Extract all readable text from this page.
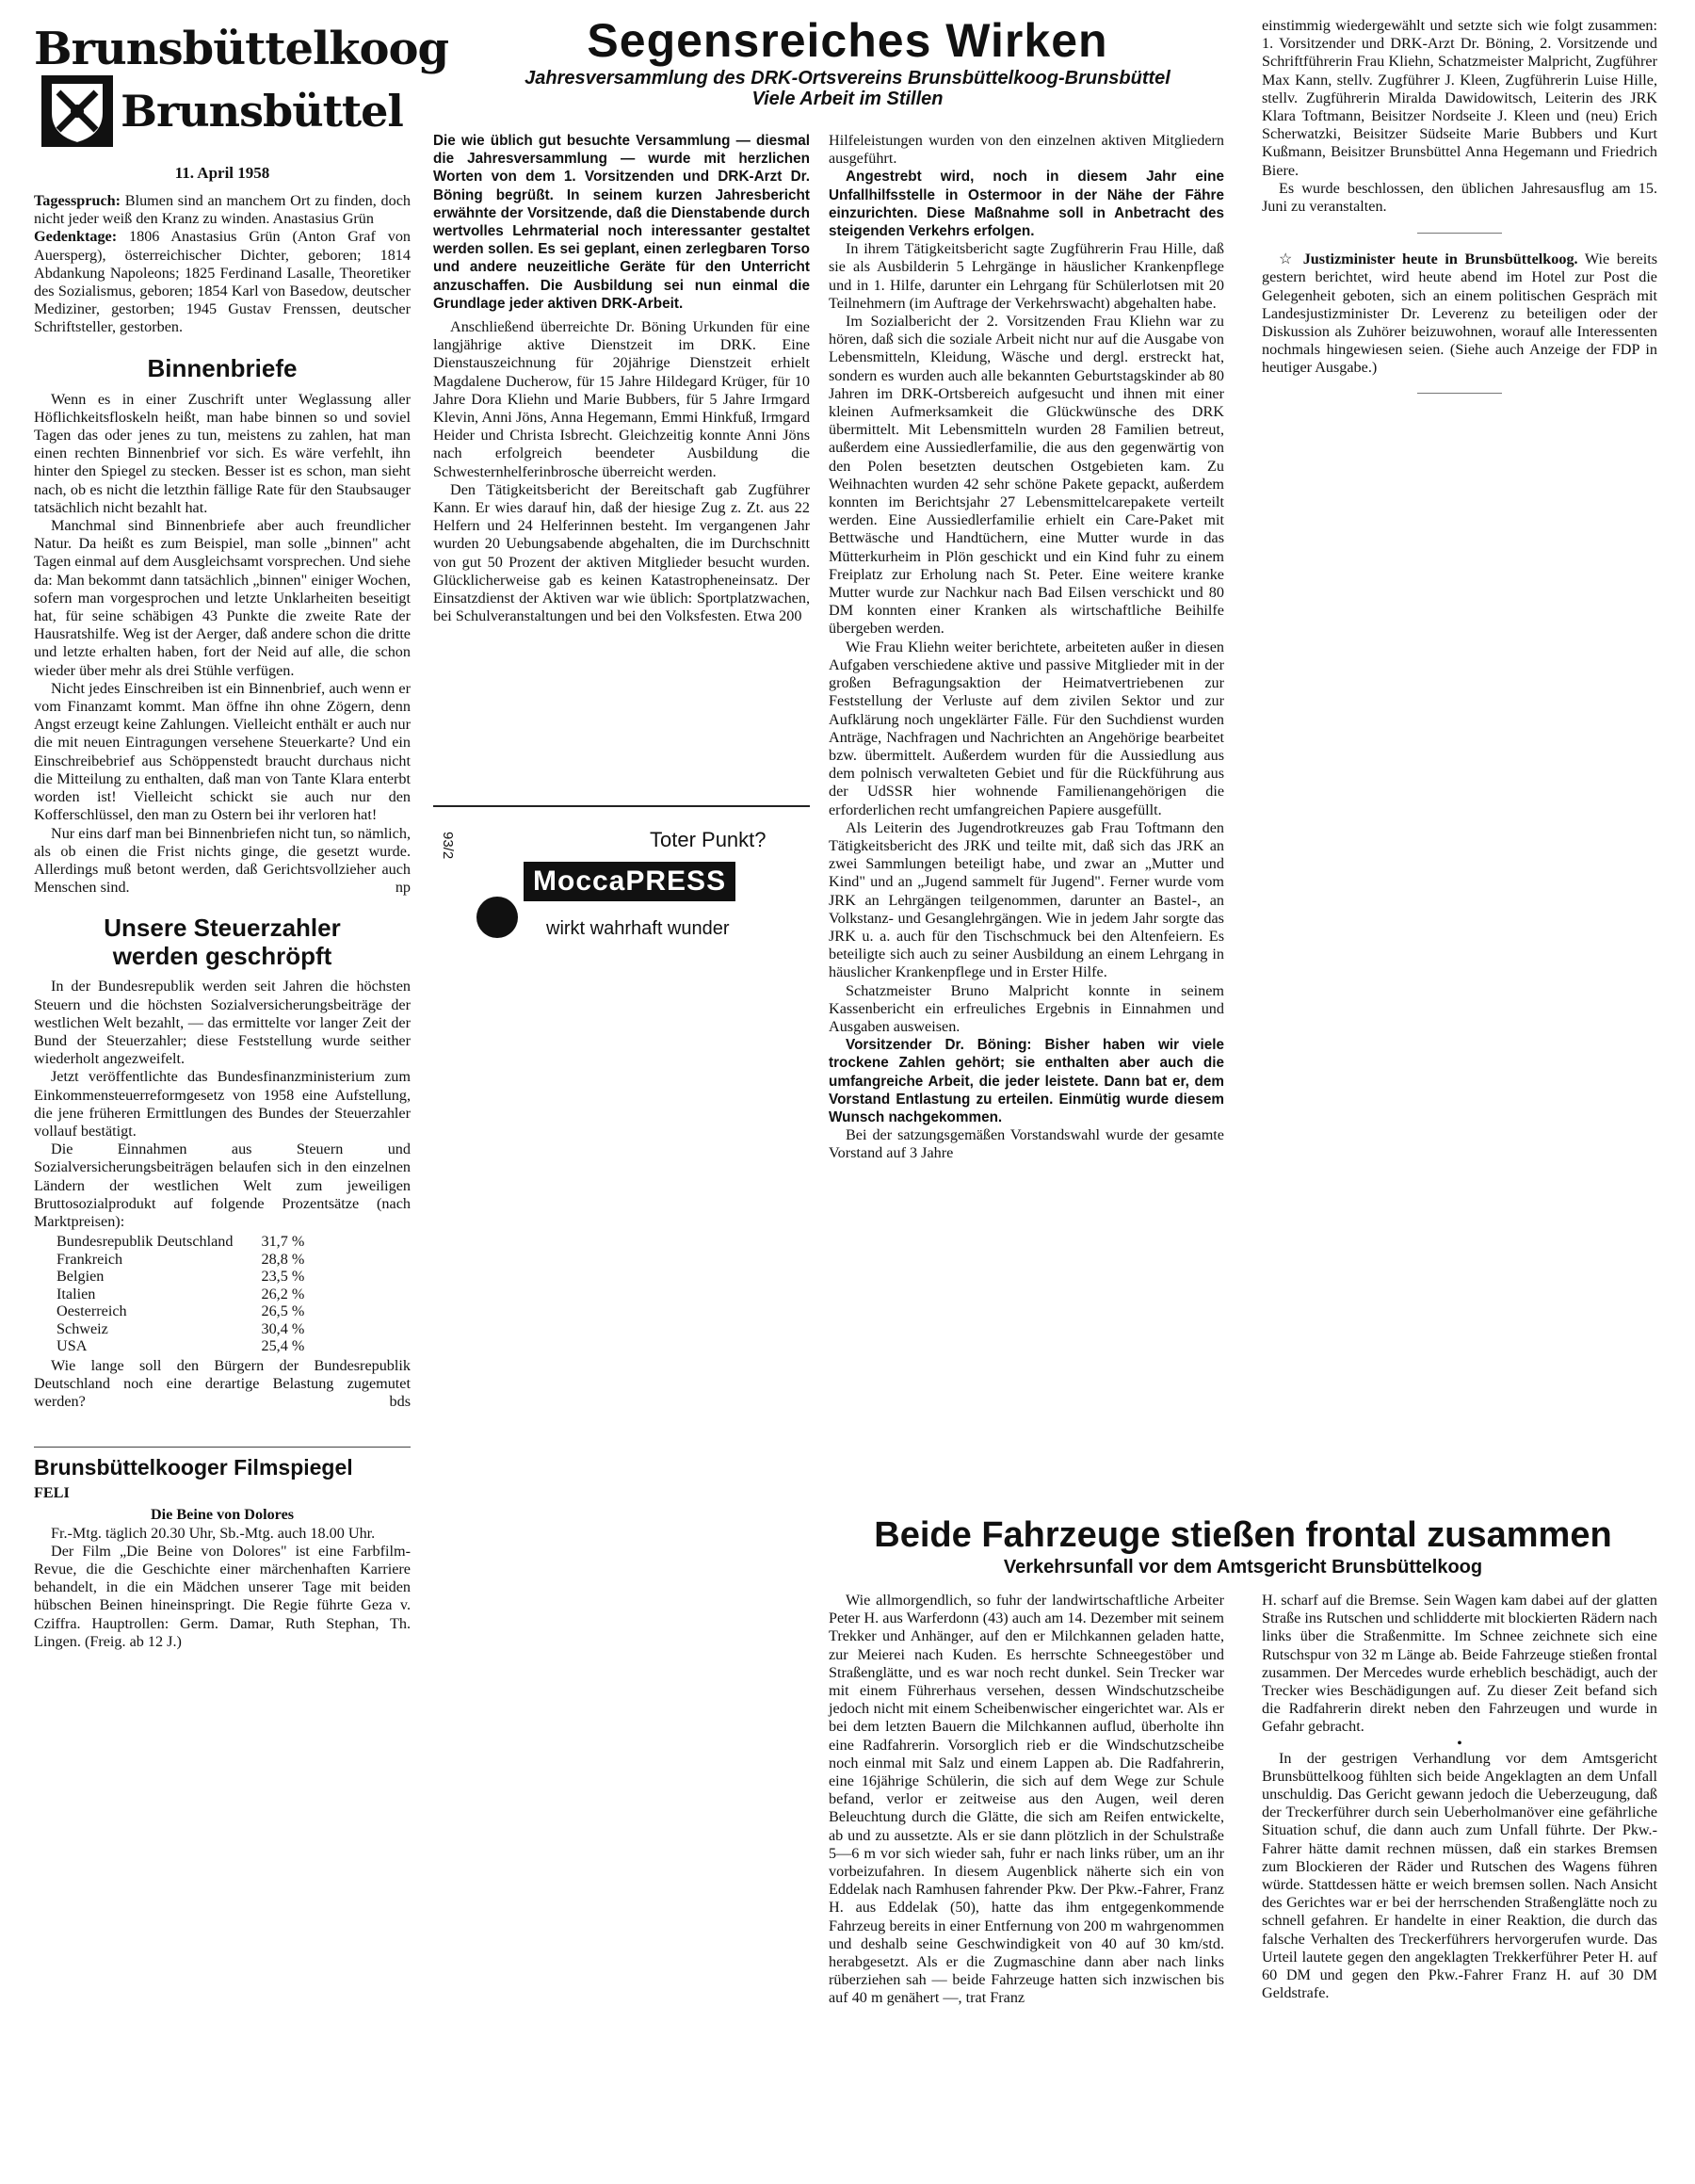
Brunsbüttelkoog
Brunsbüttel
11. April 1958

Tagesspruch: Blumen sind an manchem Ort zu finden, doch nicht jeder weiß den Kranz zu winden. Anastasius Grün

Gedenktage: 1806 Anastasius Grün (Anton Graf von Auersperg), österreichischer Dichter, geboren; 1814 Abdankung Napoleons; 1825 Ferdinand Lasalle, Theoretiker des Sozialismus, geboren; 1854 Karl von Basedow, deutscher Mediziner, gestorben; 1945 Gustav Frenssen, deutscher Schriftsteller, gestorben.

Binnenbriefe

Wenn es in einer Zuschrift unter Weglassung aller Höflichkeitsfloskeln heißt, man habe binnen so und soviel Tagen das oder jenes zu tun, meistens zu zahlen, hat man einen rechten Binnenbrief vor sich. Es wäre verfehlt, ihn hinter den Spiegel zu stecken. Besser ist es schon, man sieht nach, ob es nicht die letzthin fällige Rate für den Staubsauger tatsächlich nicht bezahlt hat.

Manchmal sind Binnenbriefe aber auch freundlicher Natur. Da heißt es zum Beispiel, man solle „binnen" acht Tagen einmal auf dem Ausgleichsamt vorsprechen. Und siehe da: Man bekommt dann tatsächlich „binnen" einiger Wochen, sofern man vorgesprochen und letzte Unklarheiten beseitigt hat, für seine schäbigen 43 Punkte die zweite Rate der Hausratshilfe. Weg ist der Aerger, daß andere schon die dritte und letzte erhalten haben, fort der Neid auf alle, die schon wieder über mehr als drei Stühle verfügen.

Nicht jedes Einschreiben ist ein Binnenbrief, auch wenn er vom Finanzamt kommt. Man öffne ihn ohne Zögern, denn Angst erzeugt keine Zahlungen. Vielleicht enthält er auch nur die mit neuen Eintragungen versehene Steuerkarte? Und ein Einschreibebrief aus Schöppenstedt braucht durchaus nicht die Mitteilung zu enthalten, daß man von Tante Klara enterbt worden ist! Vielleicht schickt sie auch nur den Kofferschlüssel, den man zu Ostern bei ihr verloren hat!

Nur eins darf man bei Binnenbriefen nicht tun, so nämlich, als ob einen die Frist nichts ginge, die gesetzt wurde. Allerdings muß betont werden, daß Gerichtsvollzieher auch Menschen sind.	np

Unsere Steuerzahler
werden geschröpft

In der Bundesrepublik werden seit Jahren die höchsten Steuern und die höchsten Sozialversicherungsbeiträge der westlichen Welt bezahlt, — das ermittelte vor langer Zeit der Bund der Steuerzahler; diese Feststellung wurde seither wiederholt angezweifelt.

Jetzt veröffentlichte das Bundesfinanzministerium zum Einkommensteuerreformgesetz von 1958 eine Aufstellung, die jene früheren Ermittlungen des Bundes der Steuerzahler vollauf bestätigt.

Die Einnahmen aus Steuern und Sozialversicherungsbeiträgen belaufen sich in den einzelnen Ländern der westlichen Welt zum jeweiligen Bruttosozialprodukt auf folgende Prozentsätze (nach Marktpreisen):

Bundesrepublik Deutschland	31,7 %
Frankreich	28,8 %
Belgien	23,5 %
Italien	26,2 %
Oesterreich	26,5 %
Schweiz	30,4 %
USA	25,4 %

Wie lange soll den Bürgern der Bundesrepublik Deutschland noch eine derartige Belastung zugemutet werden?	bds

Brunsbüttelkooger Filmspiegel

FELI

Die Beine von Dolores

Fr.-Mtg. täglich 20.30 Uhr, Sb.-Mtg. auch 18.00 Uhr.

Der Film „Die Beine von Dolores" ist eine Farbfilm-Revue, die die Geschichte einer märchenhaften Karriere behandelt, in die ein Mädchen unserer Tage mit beiden hübschen Beinen hineinspringt. Die Regie führte Geza v. Cziffra. Hauptrollen: Germ. Damar, Ruth Stephan, Th. Lingen. (Freig. ab 12 J.)

Segensreiches Wirken
Jahresversammlung des DRK-Ortsvereins Brunsbüttelkoog-Brunsbüttel
Viele Arbeit im Stillen

Die wie üblich gut besuchte Versammlung — diesmal die Jahresversammlung — wurde mit herzlichen Worten von dem 1. Vorsitzenden und DRK-Arzt Dr. Böning begrüßt. In seinem kurzen Jahresbericht erwähnte der Vorsitzende, daß die Dienstabende durch wertvolles Lehrmaterial noch interessanter gestaltet werden sollen. Es sei geplant, einen zerlegbaren Torso und andere neuzeitliche Geräte für den Unterricht anzuschaffen. Die Ausbildung sei nun einmal die Grundlage jeder aktiven DRK-Arbeit.

Anschließend überreichte Dr. Böning Urkunden für eine langjährige aktive Dienstzeit im DRK. Eine Dienstauszeichnung für 20jährige Dienstzeit erhielt Magdalene Ducherow, für 15 Jahre Hildegard Krüger, für 10 Jahre Dora Kliehn und Marie Bubbers, für 5 Jahre Irmgard Klevin, Anni Jöns, Anna Hegemann, Emmi Hinkfuß, Irmgard Heider und Christa Isbrecht. Gleichzeitig konnte Anni Jöns nach erfolgreich beendeter Ausbildung die Schwesternhelferinbrosche überreicht werden.

Den Tätigkeitsbericht der Bereitschaft gab Zugführer Kann. Er wies darauf hin, daß der hiesige Zug z. Zt. aus 22 Helfern und 24 Helferinnen besteht. Im vergangenen Jahr wurden 20 Uebungsabende abgehalten, die im Durchschnitt von gut 50 Prozent der aktiven Mitglieder besucht wurden. Glücklicherweise gab es keinen Katastropheneinsatz. Der Einsatzdienst der Aktiven war wie üblich: Sportplatzwachen, bei Schulveranstaltungen und bei den Volksfesten. Etwa 200

93/2	Toter Punkt?
MoccaPRESS
wirkt wahrhaft wunder

Hilfeleistungen wurden von den einzelnen aktiven Mitgliedern ausgeführt.

Angestrebt wird, noch in diesem Jahr eine Unfallhilfsstelle in Ostermoor in der Nähe der Fähre einzurichten. Diese Maßnahme soll in Anbetracht des steigenden Verkehrs erfolgen.

In ihrem Tätigkeitsbericht sagte Zugführerin Frau Hille, daß sie als Ausbilderin 5 Lehrgänge in häuslicher Krankenpflege und in 1. Hilfe, darunter ein Lehrgang für Schülerlotsen mit 20 Teilnehmern (im Auftrage der Verkehrswacht) abgehalten habe.

Im Sozialbericht der 2. Vorsitzenden Frau Kliehn war zu hören, daß sich die soziale Arbeit nicht nur auf die Ausgabe von Lebensmitteln, Kleidung, Wäsche und dergl. erstreckt hat, sondern es wurden auch alle bekannten Geburtstagskinder ab 80 Jahren im DRK-Ortsbereich aufgesucht und ihnen mit einer kleinen Aufmerksamkeit die Glückwünsche des DRK übermittelt. Mit Lebensmitteln wurden 28 Familien betreut, außerdem eine Aussiedlerfamilie, die aus den gegenwärtig von den Polen besetzten deutschen Ostgebieten kam. Zu Weihnachten wurden 42 sehr schöne Pakete gepackt, außerdem konnten im Berichtsjahr 27 Lebensmittelcarepakete verteilt werden. Eine Aussiedlerfamilie erhielt ein Care-Paket mit Bettwäsche und Handtüchern, eine Mutter wurde in das Mütterkurheim in Plön geschickt und ein Kind fuhr zu einem Freiplatz zur Erholung nach St. Peter. Eine weitere kranke Mutter wurde zur Nachkur nach Bad Eilsen verschickt und 80 DM konnten einer Kranken als wirtschaftliche Beihilfe übergeben werden.

Wie Frau Kliehn weiter berichtete, arbeiteten außer in diesen Aufgaben verschiedene aktive und passive Mitglieder mit in der großen Befragungsaktion der Heimatvertriebenen zur Feststellung der Verluste auf dem zivilen Sektor und zur Aufklärung noch ungeklärter Fälle. Für den Suchdienst wurden Anträge, Nachfragen und Nachrichten an Angehörige bearbeitet bzw. übermittelt. Außerdem wurden für die Aussiedlung aus dem polnisch verwalteten Gebiet und für die Rückführung aus der UdSSR hier wohnende Familienangehörigen die erforderlichen recht umfangreichen Papiere ausgefüllt.

Als Leiterin des Jugendrotkreuzes gab Frau Toftmann den Tätigkeitsbericht des JRK und teilte mit, daß sich das JRK an zwei Sammlungen beteiligt habe, und zwar an „Mutter und Kind" und an „Jugend sammelt für Jugend". Ferner wurde vom JRK an Lehrgängen teilgenommen, darunter an Bastel-, an Volkstanz- und Gesanglehrgängen. Wie in jedem Jahr sorgte das JRK u. a. auch für den Tischschmuck bei den Altenfeiern. Es beteiligte sich auch zu seiner Ausbildung an einem Lehrgang in häuslicher Krankenpflege und in Erster Hilfe.

Schatzmeister Bruno Malpricht konnte in seinem Kassenbericht ein erfreuliches Ergebnis in Einnahmen und Ausgaben ausweisen.

Vorsitzender Dr. Böning: Bisher haben wir viele trockene Zahlen gehört; sie enthalten aber auch die umfangreiche Arbeit, die jeder leistete. Dann bat er, dem Vorstand Entlastung zu erteilen. Einmütig wurde diesem Wunsch nachgekommen.

Bei der satzungsgemäßen Vorstandswahl wurde der gesamte Vorstand auf 3 Jahre

einstimmig wiedergewählt und setzte sich wie folgt zusammen: 1. Vorsitzender und DRK-Arzt Dr. Böning, 2. Vorsitzende und Schriftführerin Frau Kliehn, Schatzmeister Malpricht, Zugführer Max Kann, stellv. Zugführer J. Kleen, Zugführerin Luise Hille, stellv. Zugführerin Miralda Dawidowitsch, Leiterin des JRK Klara Toftmann, Beisitzer Nordseite J. Kleen und (neu) Erich Scherwatzki, Beisitzer Südseite Marie Bubbers und Kurt Kußmann, Beisitzer Brunsbüttel Anna Hegemann und Friedrich Biere.

Es wurde beschlossen, den üblichen Jahresausflug am 15. Juni zu veranstalten.

☆ Justizminister heute in Brunsbüttelkoog. Wie bereits gestern berichtet, wird heute abend im Hotel zur Post die Gelegenheit geboten, sich an einem politischen Gespräch mit Landesjustizminister Dr. Leverenz zu beteiligen oder der Diskussion als Zuhörer beizuwohnen, worauf alle Interessenten nochmals hingewiesen seien. (Siehe auch Anzeige der FDP in heutiger Ausgabe.)

Beide Fahrzeuge stießen frontal zusammen
Verkehrsunfall vor dem Amtsgericht Brunsbüttelkoog

Wie allmorgendlich, so fuhr der landwirtschaftliche Arbeiter Peter H. aus Warferdonn (43) auch am 14. Dezember mit seinem Trekker und Anhänger, auf den er Milchkannen geladen hatte, zur Meierei nach Kuden. Es herrschte Schneegestöber und Straßenglätte, und es war noch recht dunkel. Sein Trecker war mit einem Führerhaus versehen, dessen Windschutzscheibe jedoch nicht mit einem Scheibenwischer eingerichtet war. Als er bei dem letzten Bauern die Milchkannen auflud, überholte ihn eine Radfahrerin. Vorsorglich rieb er die Windschutzscheibe noch einmal mit Salz und einem Lappen ab. Die Radfahrerin, eine 16jährige Schülerin, die sich auf dem Wege zur Schule befand, verlor er zeitweise aus den Augen, weil deren Beleuchtung durch die Glätte, die sich am Reifen entwickelte, ab und zu aussetzte. Als er sie dann plötzlich in der Schulstraße 5—6 m vor sich wieder sah, fuhr er nach links rüber, um an ihr vorbeizufahren. In diesem Augenblick näherte sich ein von Eddelak nach Ramhusen fahrender Pkw. Der Pkw.-Fahrer, Franz H. aus Eddelak (50), hatte das ihm entgegenkommende Fahrzeug bereits in einer Entfernung von 200 m wahrgenommen und deshalb seine Geschwindigkeit von 40 auf 30 km/std. herabgesetzt. Als er die Zugmaschine dann aber nach links rüberziehen sah — beide Fahrzeuge hatten sich inzwischen bis auf 40 m genähert —, trat Franz

H. scharf auf die Bremse. Sein Wagen kam dabei auf der glatten Straße ins Rutschen und schlidderte mit blockierten Rädern nach links über die Straßenmitte. Im Schnee zeichnete sich eine Rutschspur von 32 m Länge ab. Beide Fahrzeuge stießen frontal zusammen. Der Mercedes wurde erheblich beschädigt, auch der Trecker wies Beschädigungen auf. Zu dieser Zeit befand sich die Radfahrerin direkt neben den Fahrzeugen und wurde in Gefahr gebracht.

•

In der gestrigen Verhandlung vor dem Amtsgericht Brunsbüttelkoog fühlten sich beide Angeklagten an dem Unfall unschuldig. Das Gericht gewann jedoch die Ueberzeugung, daß der Treckerführer durch sein Ueberholmanöver eine gefährliche Situation schuf, die dann auch zum Unfall führte. Der Pkw.-Fahrer hätte damit rechnen müssen, daß ein starkes Bremsen zum Blockieren der Räder und Rutschen des Wagens führen würde. Stattdessen hätte er weich bremsen sollen. Nach Ansicht des Gerichtes war er bei der herrschenden Straßenglätte noch zu schnell gefahren. Er handelte in einer Reaktion, die durch das falsche Verhalten des Treckerführers hervorgerufen wurde. Das Urteil lautete gegen den angeklagten Trekkerführer Peter H. auf 60 DM und gegen den Pkw.-Fahrer Franz H. auf 30 DM Geldstrafe.
